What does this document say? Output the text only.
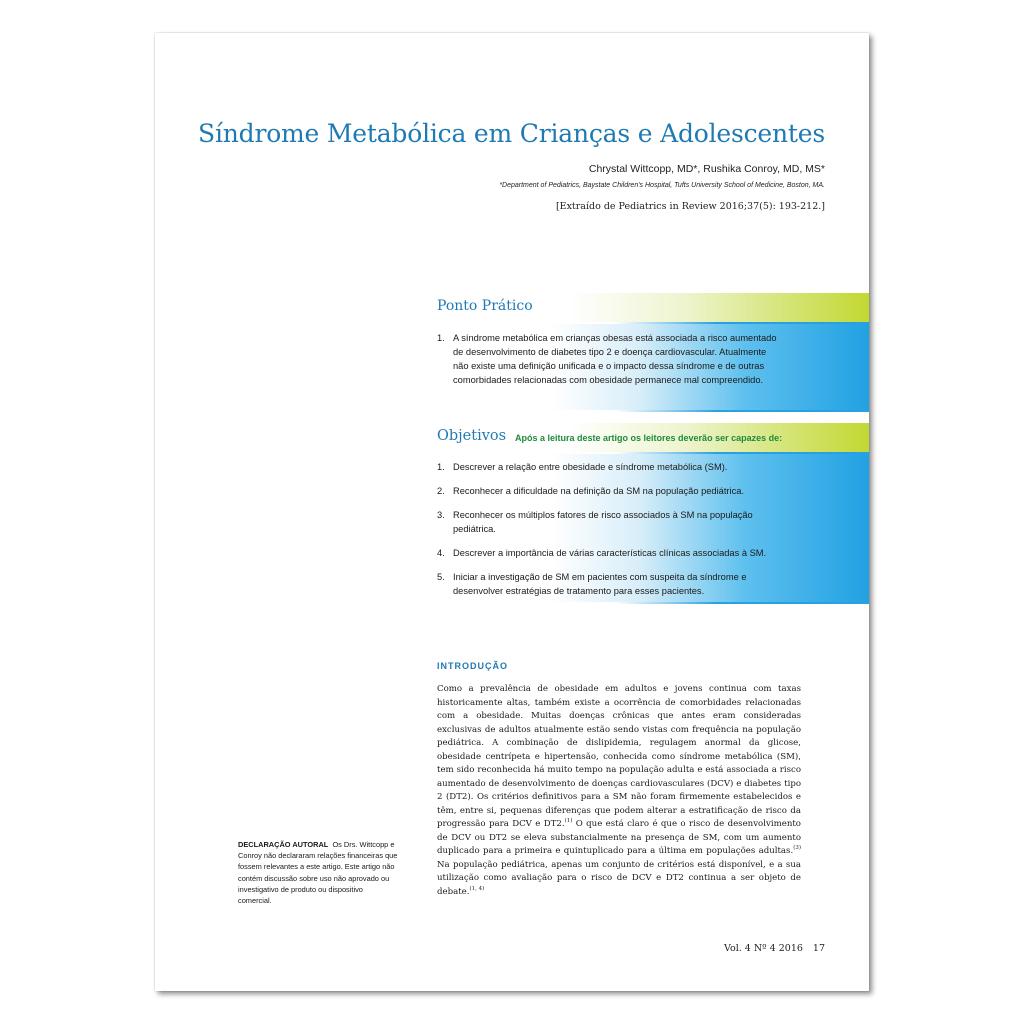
Síndrome Metabólica em Crianças e Adolescentes
Chrystal Wittcopp, MD*, Rushika Conroy, MD, MS*
*Department of Pediatrics, Baystate Children's Hospital, Tufts University School of Medicine, Boston, MA.
[Extraído de Pediatrics in Review 2016;37(5): 193-212.]
Ponto Prático
1. A síndrome metabólica em crianças obesas está associada a risco aumentado de desenvolvimento de diabetes tipo 2 e doença cardiovascular. Atualmente não existe uma definição unificada e o impacto dessa síndrome e de outras comorbidades relacionadas com obesidade permanece mal compreendido.
Objetivos Após a leitura deste artigo os leitores deverão ser capazes de:
1. Descrever a relação entre obesidade e síndrome metabólica (SM).
2. Reconhecer a dificuldade na definição da SM na população pediátrica.
3. Reconhecer os múltiplos fatores de risco associados à SM na população pediátrica.
4. Descrever a importância de várias características clínicas associadas à SM.
5. Iniciar a investigação de SM em pacientes com suspeita da síndrome e desenvolver estratégias de tratamento para esses pacientes.
INTRODUÇÃO

Como a prevalência de obesidade em adultos e jovens continua com taxas historicamente altas, também existe a ocorrência de comorbidades relacionadas com a obesidade. Muitas doenças crônicas que antes eram consideradas exclusivas de adultos atualmente estão sendo vistas com frequência na população pediátrica. A combinação de dislipidemia, regulagem anormal da glicose, obesidade centrípeta e hipertensão, conhecida como síndrome metabólica (SM), tem sido reconhecida há muito tempo na população adulta e está associada a risco aumentado de desenvolvimento de doenças cardiovasculares (DCV) e diabetes tipo 2 (DT2). Os critérios definitivos para a SM não foram firmemente estabelecidos e têm, entre si, pequenas diferenças que podem alterar a estratificação de risco da progressão para DCV e DT2.$^{(1)}$ O que está claro é que o risco de desenvolvimento de DCV ou DT2 se eleva substancialmente na presença de SM, com um aumento duplicado para a primeira e quintuplicado para a última em populações adultas.$^{(3)}$ Na população pediátrica, apenas um conjunto de critérios está disponível, e a sua utilização como avaliação para o risco de DCV e DT2 continua a ser objeto de debate.$^{(1, 4)}$

DECLARAÇÃO AUTORAL Os Drs. Wittcopp e Conroy não declararam relações financeiras que fossem relevantes a este artigo. Este artigo não contém discussão sobre uso não aprovado ou investigativo de produto ou dispositivo comercial.
Vol. 4 Nº 4 2016 17
